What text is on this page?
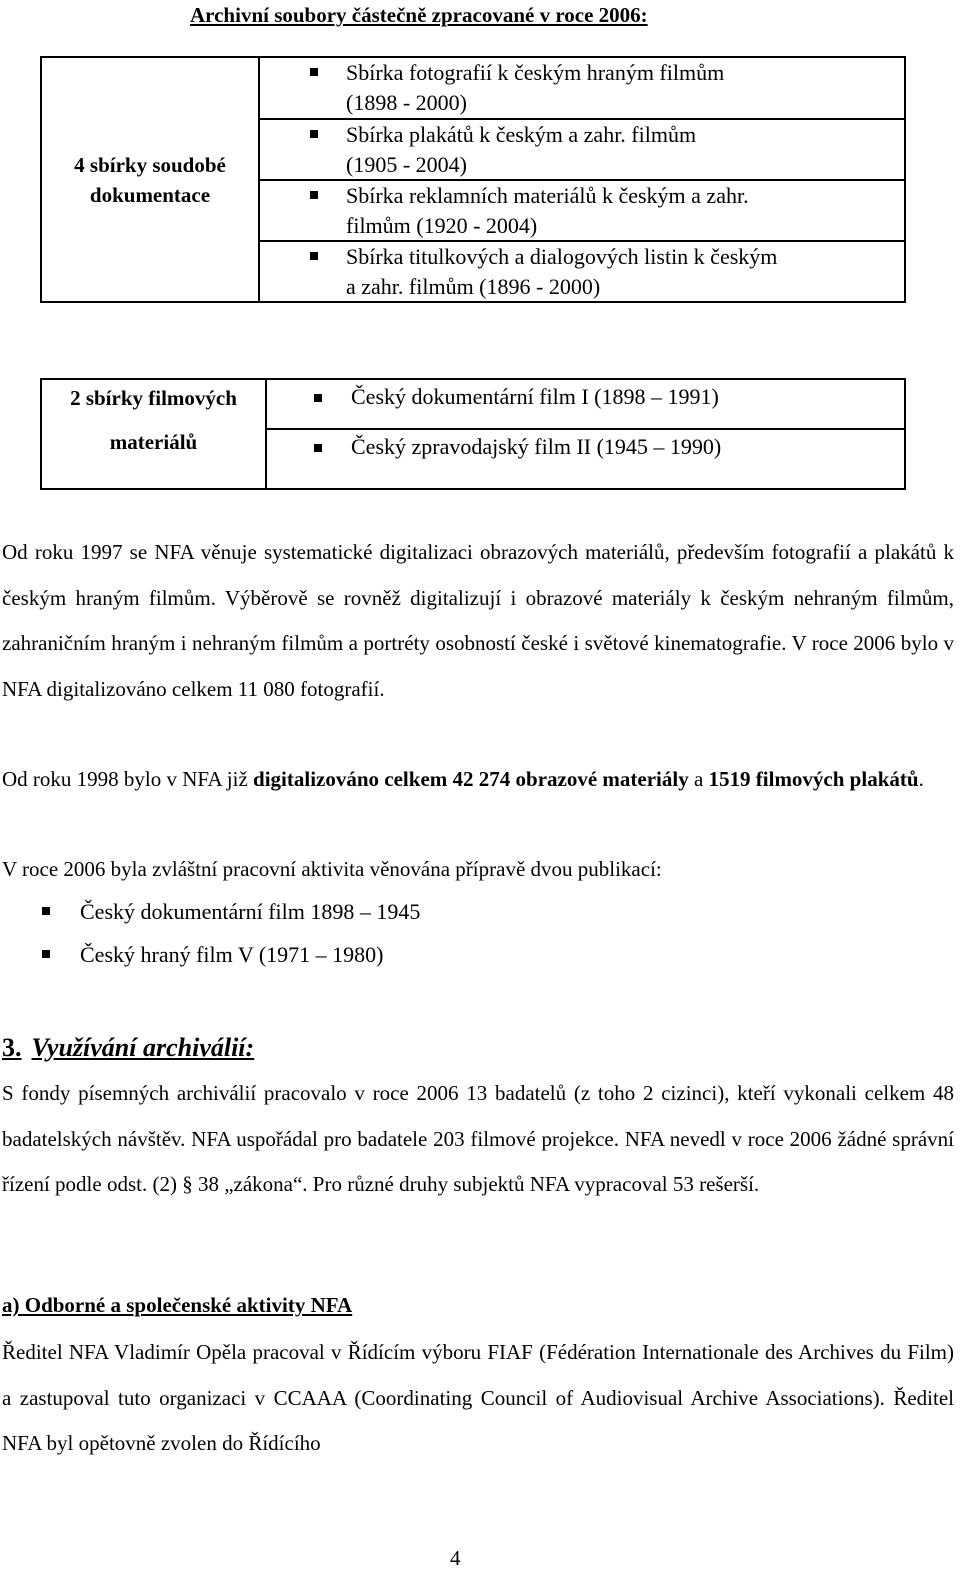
Archivní soubory částečně zpracované v roce 2006:
4 sbírky soudobé dokumentace
Sbírka fotografií k českým hraným filmům
(1898 - 2000)
Sbírka plakátů k českým a zahr. filmům
(1905 - 2004)
Sbírka reklamních materiálů k českým a zahr.
filmům (1920 - 2004)
Sbírka titulkových a dialogových listin k českým
a zahr. filmům (1896 - 2000)
2 sbírky filmových
materiálů
Český dokumentární film I (1898 – 1991)
Český zpravodajský film II (1945 – 1990)
Od roku 1997 se NFA věnuje systematické digitalizaci obrazových materiálů, především fotografií a plakátů k českým hraným filmům. Výběrově se rovněž digitalizují i obrazové materiály k českým nehraným filmům, zahraničním hraným i nehraným filmům a portréty osobností české i světové kinematografie. V roce 2006 bylo v NFA digitalizováno celkem 11 080 fotografií.
Od roku 1998 bylo v NFA již digitalizováno celkem 42 274 obrazové materiály a 1519 filmových plakátů.
V roce 2006 byla zvláštní pracovní aktivita věnována přípravě dvou publikací:
Český dokumentární film 1898 – 1945
Český hraný film V (1971 – 1980)
3. Využívání archiválií:
S fondy písemných archiválií pracovalo v roce 2006 13 badatelů (z toho 2 cizinci), kteří vykonali celkem 48 badatelských návštěv. NFA uspořádal pro badatele 203 filmové projekce. NFA nevedl v roce 2006 žádné správní řízení podle odst. (2) § 38 „zákona“. Pro různé druhy subjektů NFA vypracoval 53 rešerší.
a) Odborné a společenské aktivity NFA
Ředitel NFA Vladimír Opěla pracoval v Řídícím výboru FIAF (Fédération Internationale des Archives du Film) a zastupoval tuto organizaci v CCAAA (Coordinating Council of Audiovisual Archive Associations). Ředitel NFA byl opětovně zvolen do Řídícího
4
